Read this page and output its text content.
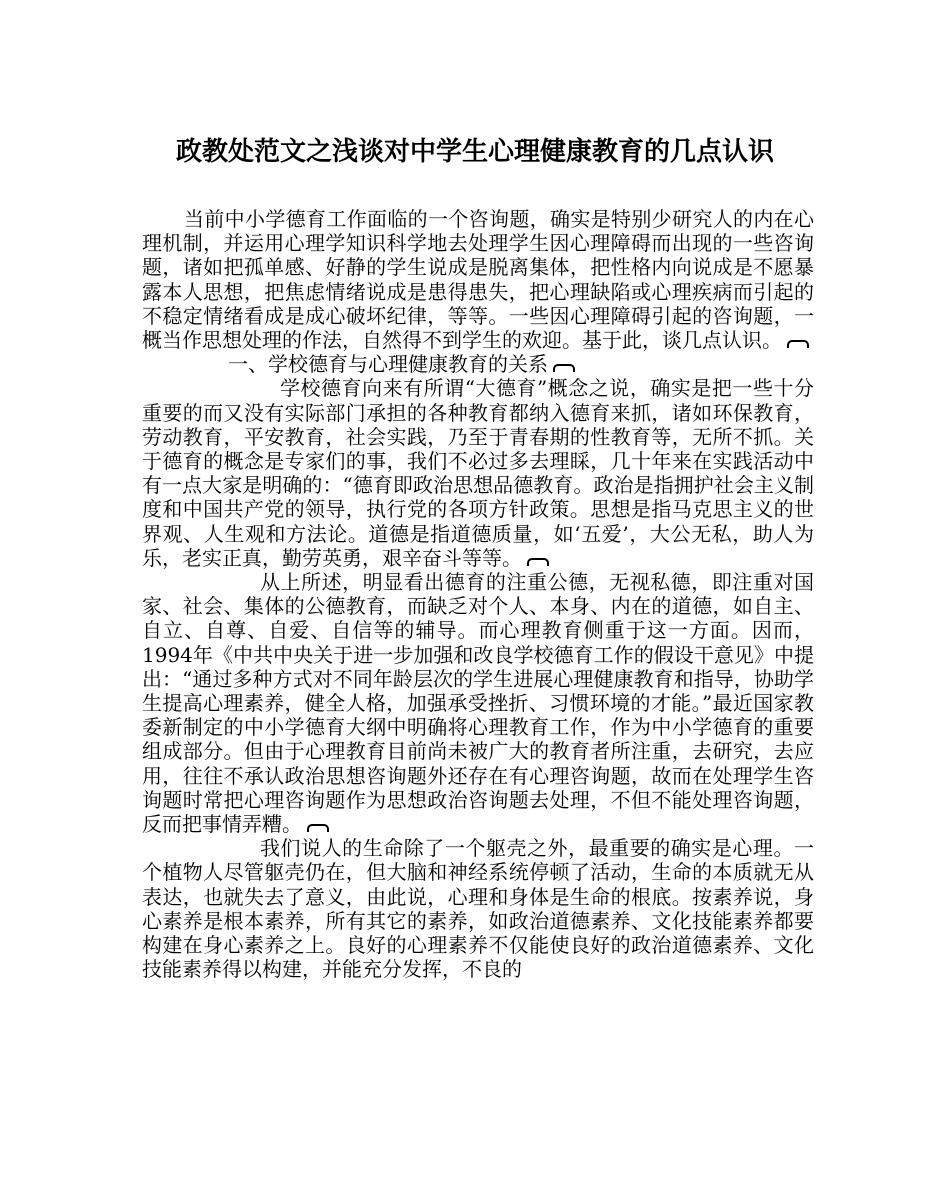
政教处范文之浅谈对中学生心理健康教育的几点认识

当前中小学德育工作面临的一个咨询题，确实是特别少研究人的内在心理机制，并运用心理学知识科学地去处理学生因心理障碍而出现的一些咨询题，诸如把孤单感、好静的学生说成是脱离集体，把性格内向说成是不愿暴露本人思想，把焦虑情绪说成是患得患失，把心理缺陷或心理疾病而引起的不稳定情绪看成是成心破坏纪律，等等。一些因心理障碍引起的咨询题，一概当作思想处理的作法，自然得不到学生的欢迎。基于此，谈几点认识。

一、学校德育与心理健康教育的关系

学校德育向来有所谓“大德育”概念之说，确实是把一些十分重要的而又没有实际部门承担的各种教育都纳入德育来抓，诸如环保教育，劳动教育，平安教育，社会实践，乃至于青春期的性教育等，无所不抓。关于德育的概念是专家们的事，我们不必过多去理睬，几十年来在实践活动中有一点大家是明确的：“德育即政治思想品德教育。政治是指拥护社会主义制度和中国共产党的领导，执行党的各项方针政策。思想是指马克思主义的世界观、人生观和方法论。道德是指道德质量，如‘五爱’，大公无私，助人为乐，老实正真，勤劳英勇，艰辛奋斗等等。

从上所述，明显看出德育的注重公德，无视私德，即注重对国家、社会、集体的公德教育，而缺乏对个人、本身、内在的道德，如自主、自立、自尊、自爱、自信等的辅导。而心理教育侧重于这一方面。因而，1994年《中共中央关于进一步加强和改良学校德育工作的假设干意见》中提出：“通过多种方式对不同年龄层次的学生进展心理健康教育和指导，协助学生提高心理素养，健全人格，加强承受挫折、习惯环境的才能。”最近国家教委新制定的中小学德育大纲中明确将心理教育工作，作为中小学德育的重要组成部分。但由于心理教育目前尚未被广大的教育者所注重，去研究，去应用，往往不承认政治思想咨询题外还存在有心理咨询题，故而在处理学生咨询题时常把心理咨询题作为思想政治咨询题去处理，不但不能处理咨询题，反而把事情弄糟。

我们说人的生命除了一个躯壳之外，最重要的确实是心理。一个植物人尽管躯壳仍在，但大脑和神经系统停顿了活动，生命的本质就无从表达，也就失去了意义，由此说，心理和身体是生命的根底。按素养说，身心素养是根本素养，所有其它的素养，如政治道德素养、文化技能素养都要构建在身心素养之上。良好的心理素养不仅能使良好的政治道德素养、文化技能素养得以构建，并能充分发挥，不良的
